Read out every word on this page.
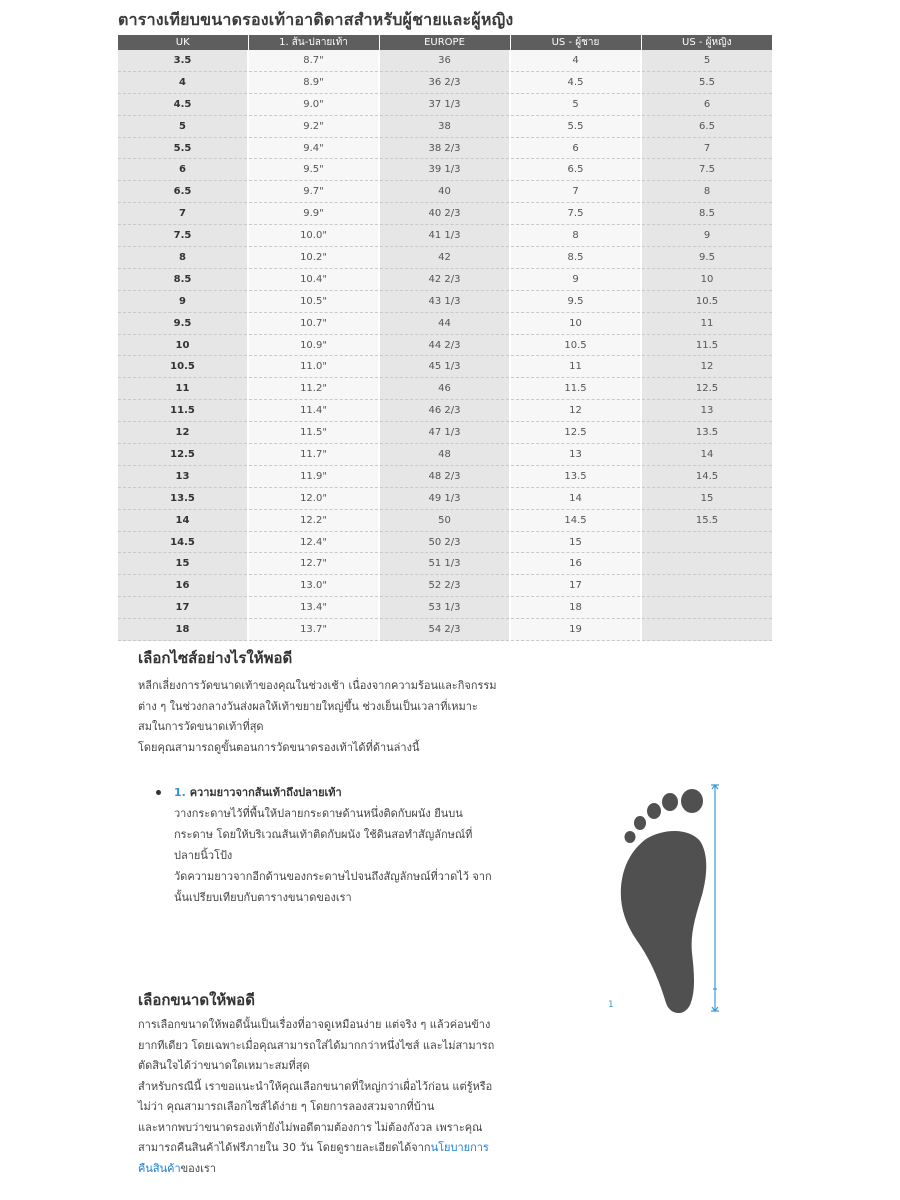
ตารางเทียบขนาดรองเท้าอาดิดาสสำหรับผู้ชายและผู้หญิง
UK	1. ส้น-ปลายเท้า	EUROPE	US - ผู้ชาย	US - ผู้หญิง
3.5	8.7"	36	4	5
4	8.9"	36 2/3	4.5	5.5
4.5	9.0"	37 1/3	5	6
5	9.2"	38	5.5	6.5
5.5	9.4"	38 2/3	6	7
6	9.5"	39 1/3	6.5	7.5
6.5	9.7"	40	7	8
7	9.9"	40 2/3	7.5	8.5
7.5	10.0"	41 1/3	8	9
8	10.2"	42	8.5	9.5
8.5	10.4"	42 2/3	9	10
9	10.5"	43 1/3	9.5	10.5
9.5	10.7"	44	10	11
10	10.9"	44 2/3	10.5	11.5
10.5	11.0"	45 1/3	11	12
11	11.2"	46	11.5	12.5
11.5	11.4"	46 2/3	12	13
12	11.5"	47 1/3	12.5	13.5
12.5	11.7"	48	13	14
13	11.9"	48 2/3	13.5	14.5
13.5	12.0"	49 1/3	14	15
14	12.2"	50	14.5	15.5
14.5	12.4"	50 2/3	15	
15	12.7"	51 1/3	16	
16	13.0"	52 2/3	17	
17	13.4"	53 1/3	18	
18	13.7"	54 2/3	19	
เลือกไซส์อย่างไรให้พอดี

หลีกเลี่ยงการวัดขนาดเท้าของคุณในช่วงเช้า เนื่องจากความร้อนและกิจกรรม

ต่าง ๆ ในช่วงกลางวันส่งผลให้เท้าขยายใหญ่ขึ้น ช่วงเย็นเป็นเวลาที่เหมาะ

สมในการวัดขนาดเท้าที่สุด

โดยคุณสามารถดูขั้นตอนการวัดขนาดรองเท้าได้ที่ด้านล่างนี้

1. ความยาวจากส้นเท้าถึงปลายเท้า

วางกระดาษไว้ที่พื้นให้ปลายกระดาษด้านหนึ่งติดกับผนัง ยืนบน

กระดาษ โดยให้บริเวณส้นเท้าติดกับผนัง ใช้ดินสอทำสัญลักษณ์ที่

ปลายนิ้วโป้ง

วัดความยาวจากอีกด้านของกระดาษไปจนถึงสัญลักษณ์ที่วาดไว้ จาก

นั้นเปรียบเทียบกับตารางขนาดของเรา

1
เลือกขนาดให้พอดี

การเลือกขนาดให้พอดีนั้นเป็นเรื่องที่อาจดูเหมือนง่าย แต่จริง ๆ แล้วค่อนข้าง

ยากทีเดียว โดยเฉพาะเมื่อคุณสามารถใส่ได้มากกว่าหนึ่งไซส์ และไม่สามารถ

ตัดสินใจได้ว่าขนาดใดเหมาะสมที่สุด

สำหรับกรณีนี้ เราขอแนะนำให้คุณเลือกขนาดที่ใหญ่กว่าเผื่อไว้ก่อน แต่รู้หรือ

ไม่ว่า คุณสามารถเลือกไซส์ได้ง่าย ๆ โดยการลองสวมจากที่บ้าน

และหากพบว่าขนาดรองเท้ายังไม่พอดีตามต้องการ ไม่ต้องกังวล เพราะคุณ

สามารถคืนสินค้าได้ฟรีภายใน 30 วัน โดยดูรายละเอียดได้จากนโยบายการ

คืนสินค้าของเรา
